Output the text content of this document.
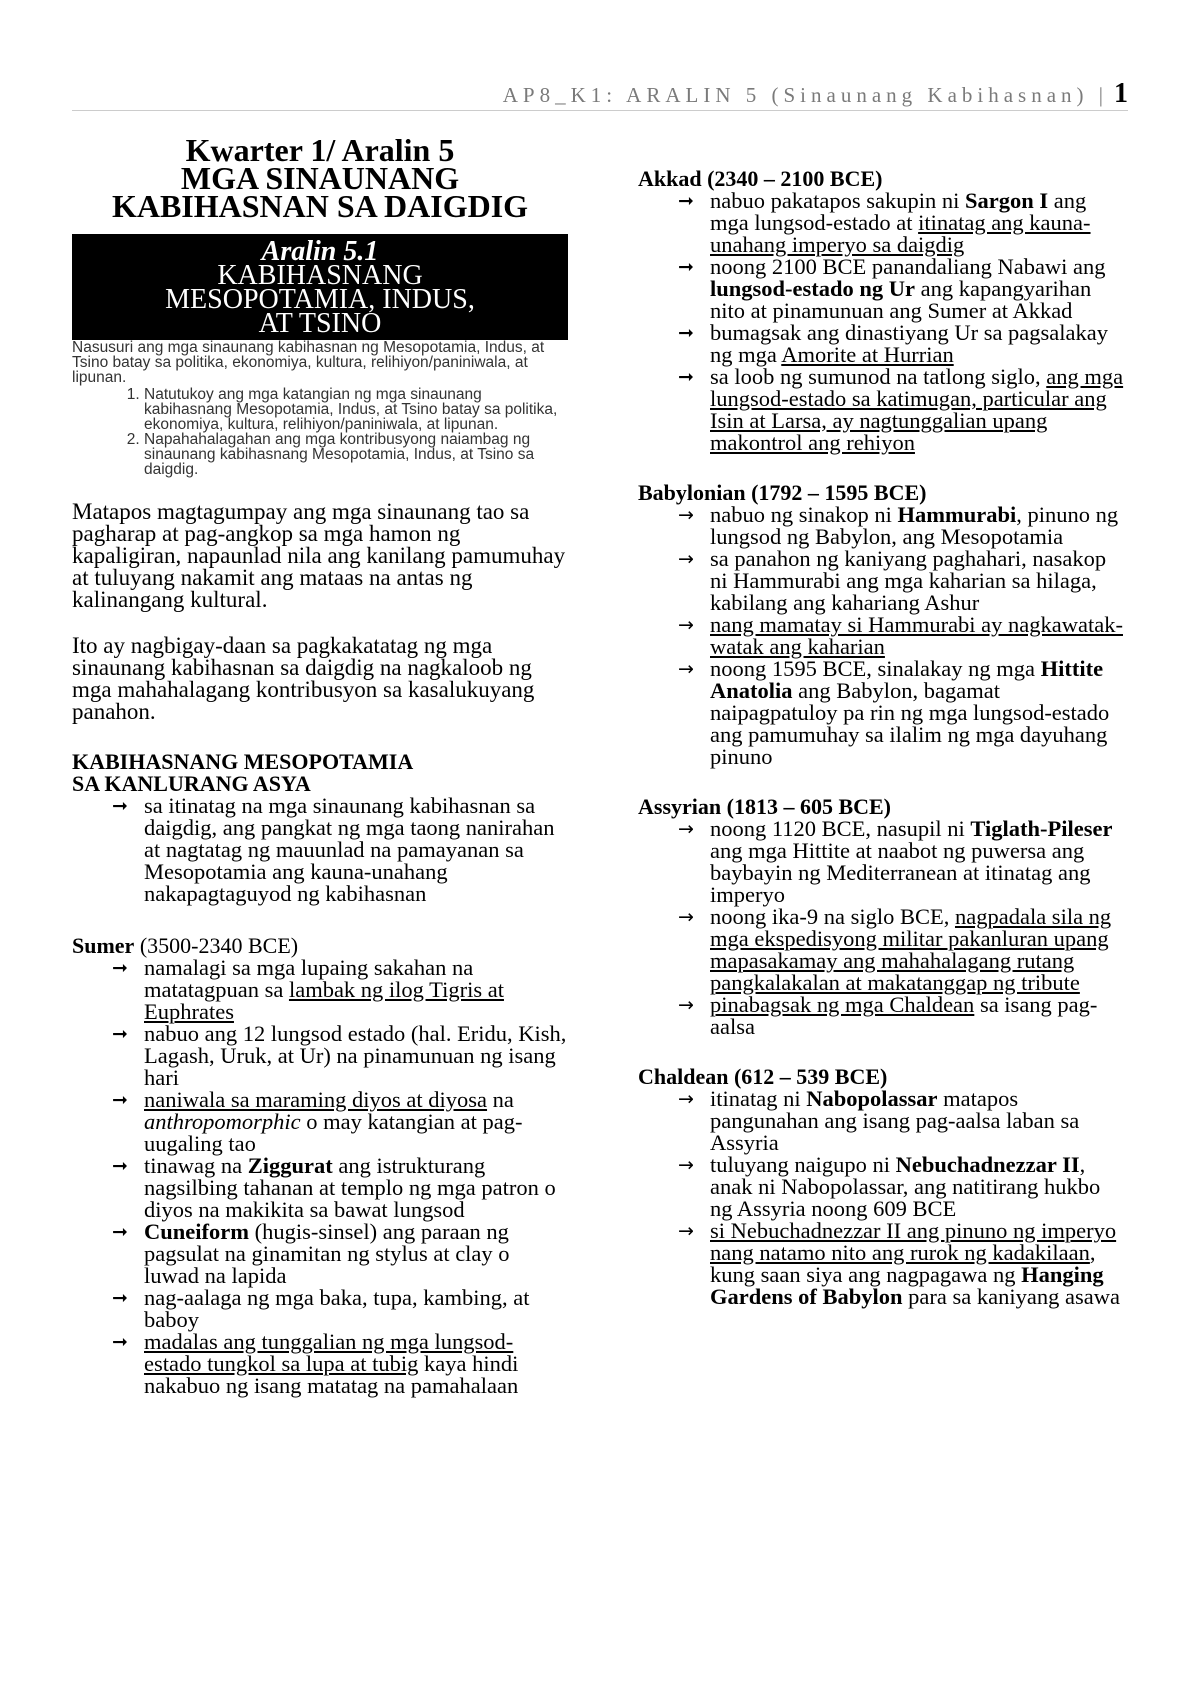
AP8_K1: ARALIN 5 (Sinaunang Kabihasnan) | 1
Kwarter 1/ Aralin 5
MGA SINAUNANG
KABIHASNAN SA DAIGDIG
Aralin 5.1
KABIHASNANG
MESOPOTAMIA, INDUS,
AT TSINO
Nasusuri ang mga sinaunang kabihasnan ng Mesopotamia, Indus, at Tsino batay sa politika, ekonomiya, kultura, relihiyon/paniniwala, at lipunan.
1. Natutukoy ang mga katangian ng mga sinaunang kabihasnang Mesopotamia, Indus, at Tsino batay sa politika, ekonomiya, kultura, relihiyon/paniniwala, at lipunan.
2. Napahahalagahan ang mga kontribusyong naiambag ng sinaunang kabihasnang Mesopotamia, Indus, at Tsino sa daigdig.

Matapos magtagumpay ang mga sinaunang tao sa pagharap at pag-angkop sa mga hamon ng kapaligiran, napaunlad nila ang kanilang pamumuhay at tuluyang nakamit ang mataas na antas ng kalinangang kultural.

Ito ay nagbigay-daan sa pagkakatatag ng mga sinaunang kabihasnan sa daigdig na nagkaloob ng mga mahahalagang kontribusyon sa kasalukuyang panahon.

KABIHASNANG MESOPOTAMIA
SA KANLURANG ASYA
➞ sa itinatag na mga sinaunang kabihasnan sa daigdig, ang pangkat ng mga taong nanirahan at nagtatag ng mauunlad na pamayanan sa Mesopotamia ang kauna-unahang nakapagtaguyod ng kabihasnan
Sumer (3500-2340 BCE)
➞ namalagi sa mga lupaing sakahan na matatagpuan sa lambak ng ilog Tigris at Euphrates
➞ nabuo ang 12 lungsod estado (hal. Eridu, Kish, Lagash, Uruk, at Ur) na pinamunuan ng isang hari
➞ naniwala sa maraming diyos at diyosa na anthropomorphic o may katangian at pag-uugaling tao
➞ tinawag na Ziggurat ang istrukturang nagsilbing tahanan at templo ng mga patron o diyos na makikita sa bawat lungsod
➞ Cuneiform (hugis-sinsel) ang paraan ng pagsulat na ginamitan ng stylus at clay o luwad na lapida
➞ nag-aalaga ng mga baka, tupa, kambing, at baboy
➞ madalas ang tunggalian ng mga lungsod-estado tungkol sa lupa at tubig kaya hindi nakabuo ng isang matatag na pamahalaan
Akkad (2340 – 2100 BCE)
➞ nabuo pakatapos sakupin ni Sargon I ang mga lungsod-estado at itinatag ang kauna-unahang imperyo sa daigdig
➞ noong 2100 BCE panandaliang Nabawi ang lungsod-estado ng Ur ang kapangyarihan nito at pinamunuan ang Sumer at Akkad
➞ bumagsak ang dinastiyang Ur sa pagsalakay ng mga Amorite at Hurrian
➞ sa loob ng sumunod na tatlong siglo, ang mga lungsod-estado sa katimugan, particular ang Isin at Larsa, ay nagtunggalian upang makontrol ang rehiyon
Babylonian (1792 – 1595 BCE)
→ nabuo ng sinakop ni Hammurabi, pinuno ng lungsod ng Babylon, ang Mesopotamia
→ sa panahon ng kaniyang paghahari, nasakop ni Hammurabi ang mga kaharian sa hilaga, kabilang ang kahariang Ashur
→ nang mamatay si Hammurabi ay nagkawatak-watak ang kaharian
→ noong 1595 BCE, sinalakay ng mga Hittite Anatolia ang Babylon, bagamat naipagpatuloy pa rin ng mga lungsod-estado ang pamumuhay sa ilalim ng mga dayuhang pinuno
Assyrian (1813 – 605 BCE)
→ noong 1120 BCE, nasupil ni Tiglath-Pileser ang mga Hittite at naabot ng puwersa ang baybayin ng Mediterranean at itinatag ang imperyo
→ noong ika-9 na siglo BCE, nagpadala sila ng mga ekspedisyong militar pakanluran upang mapasakamay ang mahahalagang rutang pangkalakalan at makatanggap ng tribute
→ pinabagsak ng mga Chaldean sa isang pag-aalsa
Chaldean (612 – 539 BCE)
→ itinatag ni Nabopolassar matapos pangunahan ang isang pag-aalsa laban sa Assyria
→ tuluyang naigupo ni Nebuchadnezzar II, anak ni Nabopolassar, ang natitirang hukbo ng Assyria noong 609 BCE
→ si Nebuchadnezzar II ang pinuno ng imperyo nang natamo nito ang rurok ng kadakilaan, kung saan siya ang nagpagawa ng Hanging Gardens of Babylon para sa kaniyang asawa
